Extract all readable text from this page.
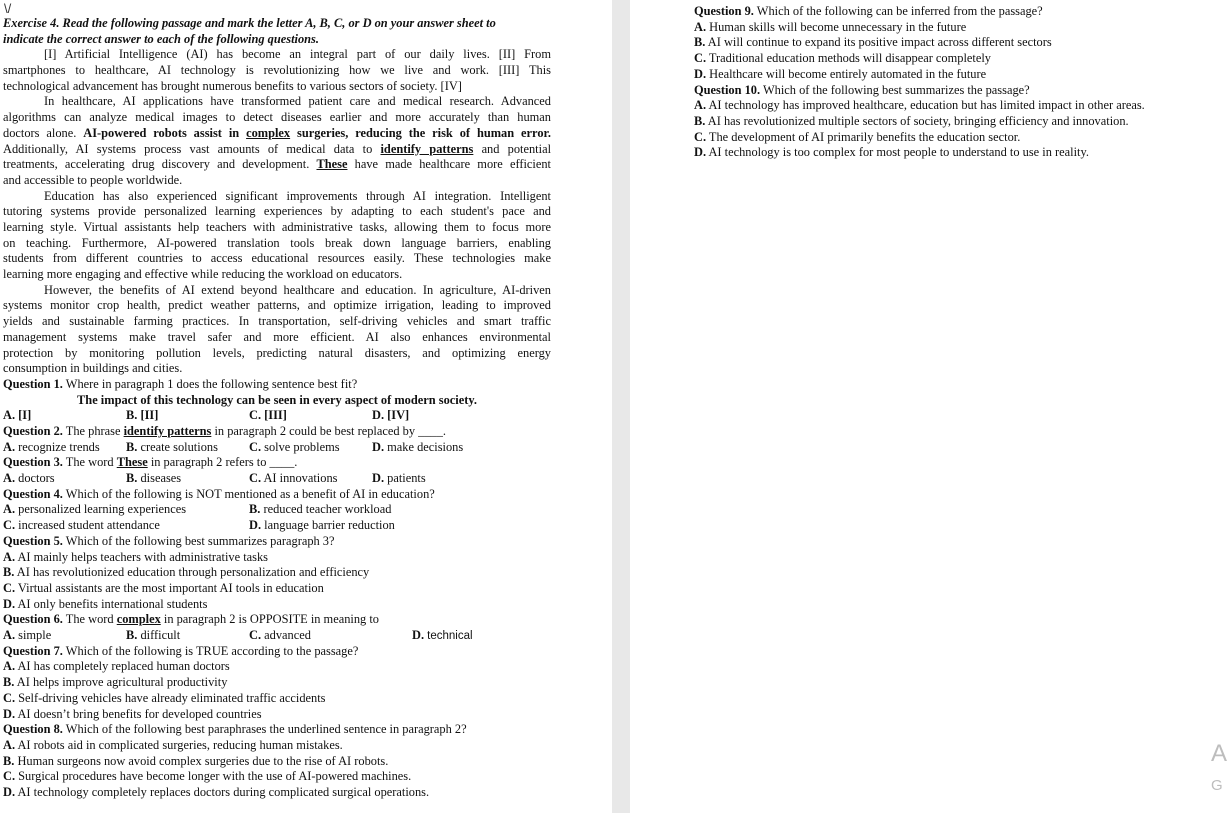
\/
Exercise 4. Read the following passage and mark the letter A, B, C, or D on your answer sheet to
indicate the correct answer to each of the following questions.
[I] Artificial Intelligence (AI) has become an integral part of our daily lives. [II] From
smartphones to healthcare, AI technology is revolutionizing how we live and work. [III] This
technological advancement has brought numerous benefits to various sectors of society. [IV]
In healthcare, AI applications have transformed patient care and medical research. Advanced
algorithms can analyze medical images to detect diseases earlier and more accurately than human
doctors alone. AI-powered robots assist in complex surgeries, reducing the risk of human error.
Additionally, AI systems process vast amounts of medical data to identify patterns and potential
treatments, accelerating drug discovery and development. These have made healthcare more efficient
and accessible to people worldwide.
Education has also experienced significant improvements through AI integration. Intelligent
tutoring systems provide personalized learning experiences by adapting to each student's pace and
learning style. Virtual assistants help teachers with administrative tasks, allowing them to focus more
on teaching. Furthermore, AI-powered translation tools break down language barriers, enabling
students from different countries to access educational resources easily. These technologies make
learning more engaging and effective while reducing the workload on educators.
However, the benefits of AI extend beyond healthcare and education. In agriculture, AI-driven
systems monitor crop health, predict weather patterns, and optimize irrigation, leading to improved
yields and sustainable farming practices. In transportation, self-driving vehicles and smart traffic
management systems make travel safer and more efficient. AI also enhances environmental
protection by monitoring pollution levels, predicting natural disasters, and optimizing energy
consumption in buildings and cities.
Question 1. Where in paragraph 1 does the following sentence best fit?
The impact of this technology can be seen in every aspect of modern society.
A. [I]	B. [II]	C. [III]	D. [IV]
Question 2. The phrase identify patterns in paragraph 2 could be best replaced by ____.
A. recognize trends B. create solutions	C. solve problems	D. make decisions
Question 3. The word These in paragraph 2 refers to ____.
A. doctors	B. diseases	C. AI innovations	D. patients
Question 4. Which of the following is NOT mentioned as a benefit of AI in education?
A. personalized learning experiences	B. reduced teacher workload
C. increased student attendance	D. language barrier reduction
Question 5. Which of the following best summarizes paragraph 3?
A. AI mainly helps teachers with administrative tasks
B. AI has revolutionized education through personalization and efficiency
C. Virtual assistants are the most important AI tools in education
D. AI only benefits international students
Question 6. The word complex in paragraph 2 is OPPOSITE in meaning to
A. simple	B. difficult	C. advanced	D. technical
Question 7. Which of the following is TRUE according to the passage?
A. AI has completely replaced human doctors
B. AI helps improve agricultural productivity
C. Self-driving vehicles have already eliminated traffic accidents
D. AI doesn’t bring benefits for developed countries
Question 8. Which of the following best paraphrases the underlined sentence in paragraph 2?
A. AI robots aid in complicated surgeries, reducing human mistakes.
B. Human surgeons now avoid complex surgeries due to the rise of AI robots.
C. Surgical procedures have become longer with the use of AI-powered machines.
D. AI technology completely replaces doctors during complicated surgical operations.
Question 9. Which of the following can be inferred from the passage?
A. Human skills will become unnecessary in the future
B. AI will continue to expand its positive impact across different sectors
C. Traditional education methods will disappear completely
D. Healthcare will become entirely automated in the future
Question 10. Which of the following best summarizes the passage?
A. AI technology has improved healthcare, education but has limited impact in other areas.
B. AI has revolutionized multiple sectors of society, bringing efficiency and innovation.
C. The development of AI primarily benefits the education sector.
D. AI technology is too complex for most people to understand to use in reality.
A
G
